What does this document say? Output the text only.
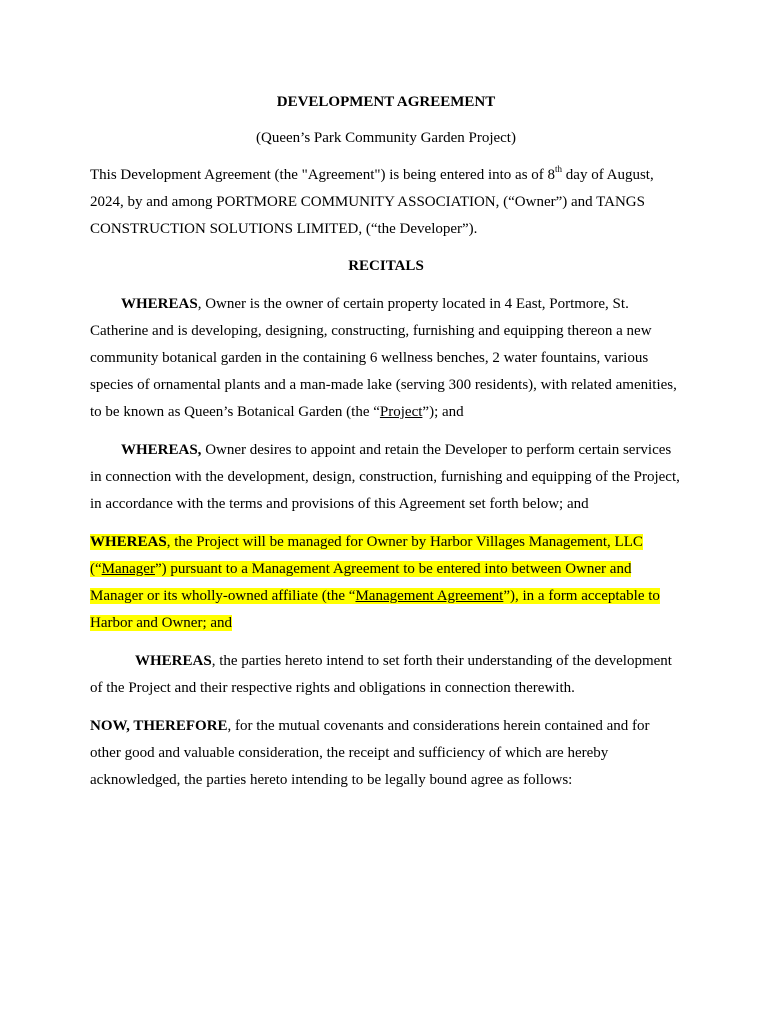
DEVELOPMENT AGREEMENT

(Queen’s Park Community Garden Project)

This Development Agreement (the "Agreement") is being entered into as of 8th day of August, 2024, by and among PORTMORE COMMUNITY ASSOCIATION, (“Owner”) and TANGS CONSTRUCTION SOLUTIONS LIMITED, (“the Developer”).

RECITALS

WHEREAS, Owner is the owner of certain property located in 4 East, Portmore, St. Catherine and is developing, designing, constructing, furnishing and equipping thereon a new community botanical garden in the containing 6 wellness benches, 2 water fountains, various species of ornamental plants and a man-made lake (serving 300 residents), with related amenities, to be known as Queen’s Botanical Garden (the “Project”); and

WHEREAS, Owner desires to appoint and retain the Developer to perform certain services in connection with the development, design, construction, furnishing and equipping of the Project, in accordance with the terms and provisions of this Agreement set forth below; and

WHEREAS, the Project will be managed for Owner by Harbor Villages Management, LLC (“Manager”) pursuant to a Management Agreement to be entered into between Owner and Manager or its wholly-owned affiliate (the “Management Agreement”), in a form acceptable to Harbor and Owner; and

WHEREAS, the parties hereto intend to set forth their understanding of the development of the Project and their respective rights and obligations in connection therewith.

NOW, THEREFORE, for the mutual covenants and considerations herein contained and for other good and valuable consideration, the receipt and sufficiency of which are hereby acknowledged, the parties hereto intending to be legally bound agree as follows:
